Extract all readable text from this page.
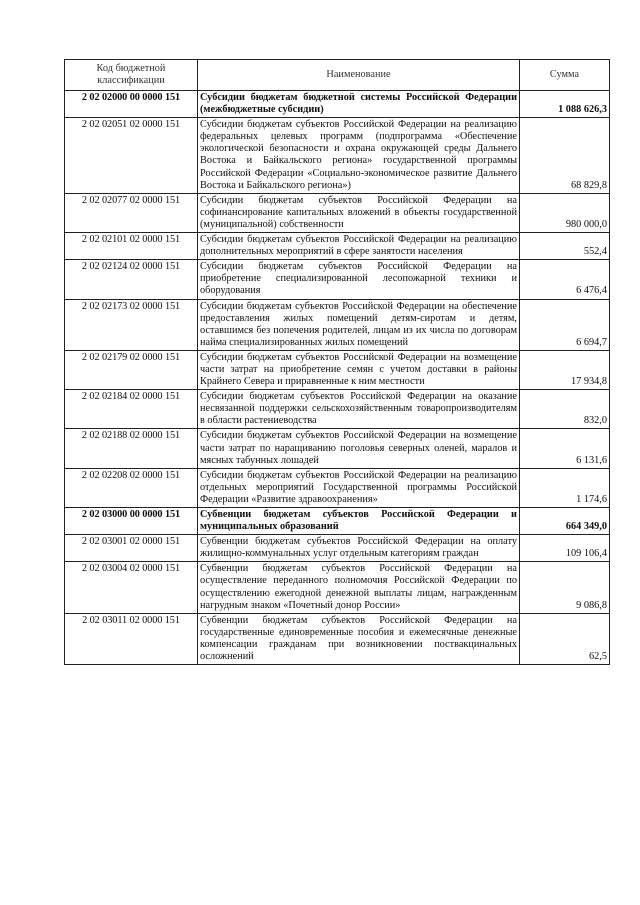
Код бюджетной классификации	Наименование	Сумма
2 02 02000 00 0000 151	Субсидии бюджетам бюджетной системы Российской Федерации (межбюджетные субсидии)	1 088 626,3
2 02 02051 02 0000 151	Субсидии бюджетам субъектов Российской Федерации на реализацию федеральных целевых программ (подпрограмма «Обеспечение экологической безопасности и охрана окружающей среды Дальнего Востока и Байкальского региона» государственной программы Российской Федерации «Социально-экономическое развитие Дальнего Востока и Байкальского региона»)	68 829,8
2 02 02077 02 0000 151	Субсидии бюджетам субъектов Российской Федерации на софинансирование капитальных вложений в объекты государственной (муниципальной) собственности	980 000,0
2 02 02101 02 0000 151	Субсидии бюджетам субъектов Российской Федерации на реализацию дополнительных мероприятий в сфере занятости населения	552,4
2 02 02124 02 0000 151	Субсидии бюджетам субъектов Российской Федерации на приобретение специализированной лесопожарной техники и оборудования	6 476,4
2 02 02173 02 0000 151	Субсидии бюджетам субъектов Российской Федерации на обеспечение предоставления жилых помещений детям-сиротам и детям, оставшимся без попечения родителей, лицам из их числа по договорам найма специализированных жилых помещений	6 694,7
2 02 02179 02 0000 151	Субсидии бюджетам субъектов Российской Федерации на возмещение части затрат на приобретение семян с учетом доставки в районы Крайнего Севера и приравненные к ним местности	17 934,8
2 02 02184 02 0000 151	Субсидии бюджетам субъектов Российской Федерации на оказание несвязанной поддержки сельскохозяйственным товаропроизводителям в области растениеводства	832,0
2 02 02188 02 0000 151	Субсидии бюджетам субъектов Российской Федерации на возмещение части затрат по наращиванию поголовья северных оленей, маралов и мясных табунных лошадей	6 131,6
2 02 02208 02 0000 151	Субсидии бюджетам субъектов Российской Федерации на реализацию отдельных мероприятий Государственной программы Российской Федерации «Развитие здравоохранения»	1 174,6
2 02 03000 00 0000 151	Субвенции бюджетам субъектов Российской Федерации и муниципальных образований	664 349,0
2 02 03001 02 0000 151	Субвенции бюджетам субъектов Российской Федерации на оплату жилищно-коммунальных услуг отдельным категориям граждан	109 106,4
2 02 03004 02 0000 151	Субвенции бюджетам субъектов Российской Федерации на осуществление переданного полномочия Российской Федерации по осуществлению ежегодной денежной выплаты лицам, награжденным нагрудным знаком «Почетный донор России»	9 086,8
2 02 03011 02 0000 151	Субвенции бюджетам субъектов Российской Федерации на государственные единовременные пособия и ежемесячные денежные компенсации гражданам при возникновении поствакцинальных осложнений	62,5
